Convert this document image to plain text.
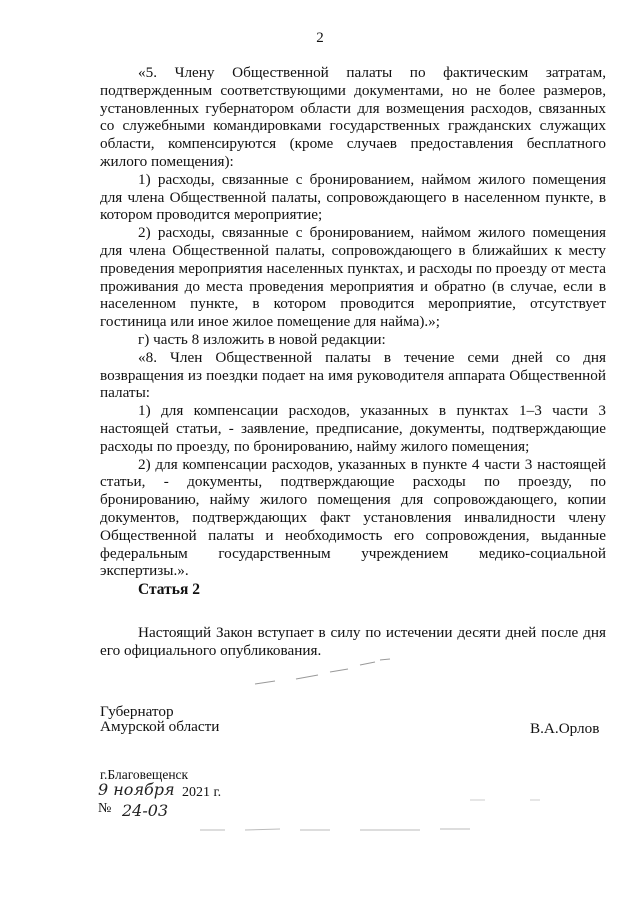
2

«5. Члену Общественной палаты по фактическим затратам, подтвержденным соответствующими документами, но не более размеров, установленных губернатором области для возмещения расходов, связанных со служебными командировками государственных гражданских служащих области, компенсируются (кроме случаев предоставления бесплатного жилого помещения):

1) расходы, связанные с бронированием, наймом жилого помещения для члена Общественной палаты, сопровождающего в населенном пункте, в котором проводится мероприятие;

2) расходы, связанные с бронированием, наймом жилого помещения для члена Общественной палаты, сопровождающего в ближайших к месту проведения мероприятия населенных пунктах, и расходы по проезду от места проживания до места проведения мероприятия и обратно (в случае, если в населенном пункте, в котором проводится мероприятие, отсутствует гостиница или иное жилое помещение для найма).»;

г) часть 8 изложить в новой редакции:

«8. Член Общественной палаты в течение семи дней со дня возвращения из поездки подает на имя руководителя аппарата Общественной палаты:

1) для компенсации расходов, указанных в пунктах 1–3 части 3 настоящей статьи, - заявление, предписание, документы, подтверждающие расходы по проезду, по бронированию, найму жилого помещения;

2) для компенсации расходов, указанных в пункте 4 части 3 настоящей статьи, - документы, подтверждающие расходы по проезду, по бронированию, найму жилого помещения для сопровождающего, копии документов, подтверждающих факт установления инвалидности члену Общественной палаты и необходимость его сопровождения, выданные федеральным государственным учреждением медико-социальной экспертизы.».

Статья 2

Настоящий Закон вступает в силу по истечении десяти дней после дня его официального опубликования.

Губернатор
Амурской области	В.А.Орлов
г.Благовещенск
9 ноября 2021 г.
№ 24-03
